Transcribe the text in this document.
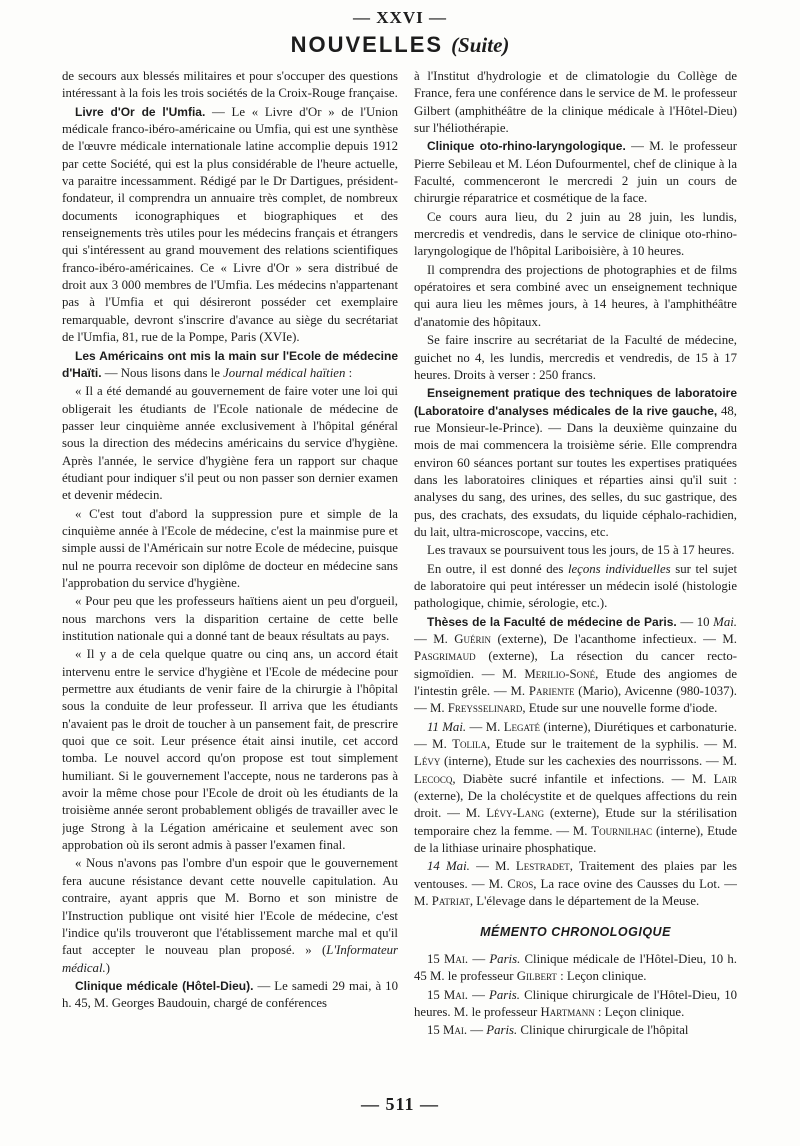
— XXVI —
NOUVELLES (Suite)

de secours aux blessés militaires et pour s'occuper des questions intéressant à la fois les trois sociétés de la Croix-Rouge française.

Livre d'Or de l'Umfia. — Le « Livre d'Or » de l'Union médicale franco-ibéro-américaine ou Umfia, qui est une synthèse de l'œuvre médicale internationale latine accomplie depuis 1912 par cette Société, qui est la plus considérable de l'heure actuelle, va paraitre incessamment. Rédigé par le Dr Dartigues, président-fondateur, il comprendra un annuaire très complet, de nombreux documents iconographiques et biographiques et des renseignements très utiles pour les médecins français et étrangers qui s'intéressent au grand mouvement des relations scientifiques franco-ibéro-américaines. Ce « Livre d'Or » sera distribué de droit aux 3 000 membres de l'Umfia. Les médecins n'appartenant pas à l'Umfia et qui désireront posséder cet exemplaire remarquable, devront s'inscrire d'avance au siège du secrétariat de l'Umfia, 81, rue de la Pompe, Paris (XVIe).

Les Américains ont mis la main sur l'Ecole de médecine d'Haïti. — Nous lisons dans le Journal médical haïtien :

« Il a été demandé au gouvernement de faire voter une loi qui obligerait les étudiants de l'Ecole nationale de médecine de passer leur cinquième année exclusivement à l'hôpital général sous la direction des médecins américains du service d'hygiène. Après l'année, le service d'hygiène fera un rapport sur chaque étudiant pour indiquer s'il peut ou non passer son dernier examen et devenir médecin.

« C'est tout d'abord la suppression pure et simple de la cinquième année à l'Ecole de médecine, c'est la mainmise pure et simple aussi de l'Américain sur notre Ecole de médecine, puisque nul ne pourra recevoir son diplôme de docteur en médecine sans l'approbation du service d'hygiène.

« Pour peu que les professeurs haïtiens aient un peu d'orgueil, nous marchons vers la disparition certaine de cette belle institution nationale qui a donné tant de beaux résultats au pays.

« Il y a de cela quelque quatre ou cinq ans, un accord était intervenu entre le service d'hygiène et l'Ecole de médecine pour permettre aux étudiants de venir faire de la chirurgie à l'hôpital sous la conduite de leur professeur. Il arriva que les étudiants n'avaient pas le droit de toucher à un pansement fait, de prescrire quoi que ce soit. Leur présence était ainsi inutile, cet accord tomba. Le nouvel accord qu'on propose est tout simplement humiliant. Si le gouvernement l'accepte, nous ne tarderons pas à avoir la même chose pour l'Ecole de droit où les étudiants de la troisième année seront probablement obligés de travailler avec le juge Strong à la Légation américaine et seulement avec son approbation où ils seront admis à passer l'examen final.

« Nous n'avons pas l'ombre d'un espoir que le gouvernement fera aucune résistance devant cette nouvelle capitulation. Au contraire, ayant appris que M. Borno et son ministre de l'Instruction publique ont visité hier l'Ecole de médecine, c'est l'indice qu'ils trouveront que l'établissement marche mal et qu'il faut accepter le nouveau plan proposé. » (L'Informateur médical.)

Clinique médicale (Hôtel-Dieu). — Le samedi 29 mai, à 10 h. 45, M. Georges Baudouin, chargé de conférences

à l'Institut d'hydrologie et de climatologie du Collège de France, fera une conférence dans le service de M. le professeur Gilbert (amphithéâtre de la clinique médicale à l'Hôtel-Dieu) sur l'héliothérapie.

Clinique oto-rhino-laryngologique. — M. le professeur Pierre Sebileau et M. Léon Dufourmentel, chef de clinique à la Faculté, commenceront le mercredi 2 juin un cours de chirurgie réparatrice et cosmétique de la face.

Ce cours aura lieu, du 2 juin au 28 juin, les lundis, mercredis et vendredis, dans le service de clinique oto-rhino-laryngologique de l'hôpital Lariboisière, à 10 heures.

Il comprendra des projections de photographies et de films opératoires et sera combiné avec un enseignement technique qui aura lieu les mêmes jours, à 14 heures, à l'amphithéâtre d'anatomie des hôpitaux.

Se faire inscrire au secrétariat de la Faculté de médecine, guichet no 4, les lundis, mercredis et vendredis, de 15 à 17 heures. Droits à verser : 250 francs.

Enseignement pratique des techniques de laboratoire (Laboratoire d'analyses médicales de la rive gauche, 48, rue Monsieur-le-Prince). — Dans la deuxième quinzaine du mois de mai commencera la troisième série. Elle comprendra environ 60 séances portant sur toutes les expertises pratiquées dans les laboratoires cliniques et réparties ainsi qu'il suit : analyses du sang, des urines, des selles, du suc gastrique, des pus, des crachats, des exsudats, du liquide céphalo-rachidien, du lait, ultra-microscope, vaccins, etc.

Les travaux se poursuivent tous les jours, de 15 à 17 heures.

En outre, il est donné des leçons individuelles sur tel sujet de laboratoire qui peut intéresser un médecin isolé (histologie pathologique, chimie, sérologie, etc.).

Thèses de la Faculté de médecine de Paris. — 10 Mai. — M. Guérin (externe), De l'acanthome infectieux. — M. Pasgrimaud (externe), La résection du cancer recto-sigmoïdien. — M. Merilio-Soné, Etude des angiomes de l'intestin grêle. — M. Pariente (Mario), Avicenne (980-1037). — M. Freysselinard, Etude sur une nouvelle forme d'iode.

11 Mai. — M. Legaté (interne), Diurétiques et carbonaturie. — M. Tolila, Etude sur le traitement de la syphilis. — M. Lévy (interne), Etude sur les cachexies des nourrissons. — M. Lecocq, Diabète sucré infantile et infections. — M. Lair (externe), De la cholécystite et de quelques affections du rein droit. — M. Lévy-Lang (externe), Etude sur la stérilisation temporaire chez la femme. — M. Tournilhac (interne), Etude de la lithiase urinaire phosphatique.

14 Mai. — M. Lestradet, Traitement des plaies par les ventouses. — M. Cros, La race ovine des Causses du Lot. — M. Patriat, L'élevage dans le département de la Meuse.

MÉMENTO CHRONOLOGIQUE

15 Mai. — Paris. Clinique médicale de l'Hôtel-Dieu, 10 h. 45 M. le professeur Gilbert : Leçon clinique.

15 Mai. — Paris. Clinique chirurgicale de l'Hôtel-Dieu, 10 heures. M. le professeur Hartmann : Leçon clinique.

15 Mai. — Paris. Clinique chirurgicale de l'hôpital

— 511 —
